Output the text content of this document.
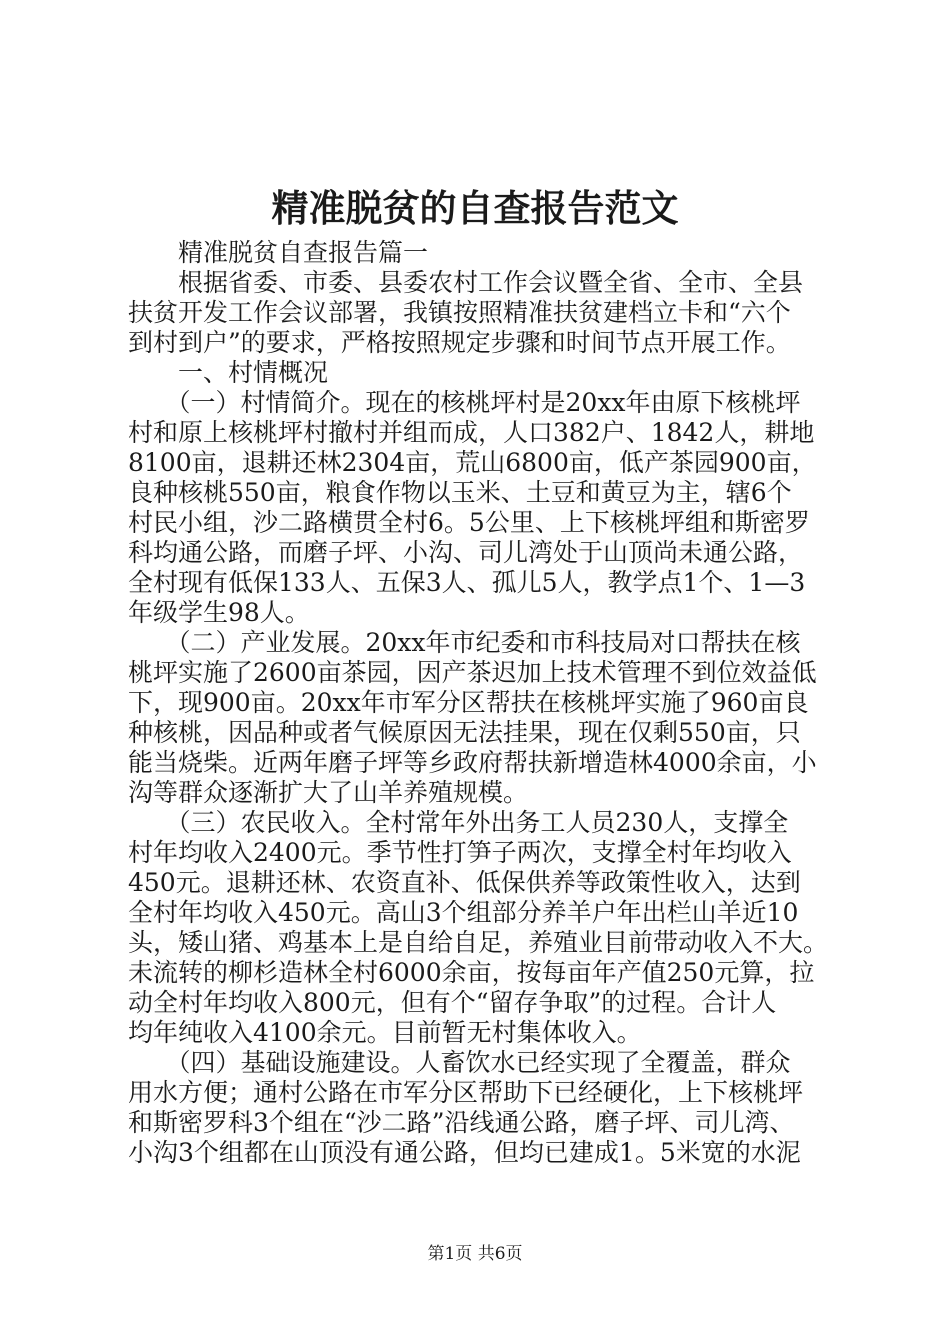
精准脱贫的自查报告范文

　　精准脱贫自查报告篇一

　　根据省委、市委、县委农村工作会议暨全省、全市、全县

扶贫开发工作会议部署，我镇按照精准扶贫建档立卡和“六个

到村到户”的要求，严格按照规定步骤和时间节点开展工作。

　　一、村情概况

　　（一）村情简介。现在的核桃坪村是20xx年由原下核桃坪

村和原上核桃坪村撤村并组而成，人口382户、1842人，耕地

8100亩，退耕还林2304亩，荒山6800亩，低产茶园900亩，

良种核桃550亩，粮食作物以玉米、土豆和黄豆为主，辖6个

村民小组，沙二路横贯全村6。5公里、上下核桃坪组和斯密罗

科均通公路，而磨子坪、小沟、司儿湾处于山顶尚未通公路，

全村现有低保133人、五保3人、孤儿5人，教学点1个、1—3

年级学生98人。

　　（二）产业发展。20xx年市纪委和市科技局对口帮扶在核

桃坪实施了2600亩茶园，因产茶迟加上技术管理不到位效益低

下，现900亩。20xx年市军分区帮扶在核桃坪实施了960亩良

种核桃，因品种或者气候原因无法挂果，现在仅剩550亩，只

能当烧柴。近两年磨子坪等乡政府帮扶新增造林4000余亩，小

沟等群众逐渐扩大了山羊养殖规模。

　　（三）农民收入。全村常年外出务工人员230人，支撑全

村年均收入2400元。季节性打笋子两次，支撑全村年均收入

450元。退耕还林、农资直补、低保供养等政策性收入，达到

全村年均收入450元。高山3个组部分养羊户年出栏山羊近10

头，矮山猪、鸡基本上是自给自足，养殖业目前带动收入不大。

未流转的柳杉造林全村6000余亩，按每亩年产值250元算，拉

动全村年均收入800元，但有个“留存争取”的过程。合计人

均年纯收入4100余元。目前暂无村集体收入。

　　（四）基础设施建设。人畜饮水已经实现了全覆盖，群众

用水方便；通村公路在市军分区帮助下已经硬化，上下核桃坪

和斯密罗科3个组在“沙二路”沿线通公路，磨子坪、司儿湾、

小沟3个组都在山顶没有通公路，但均已建成1。5米宽的水泥

第1页 共6页
